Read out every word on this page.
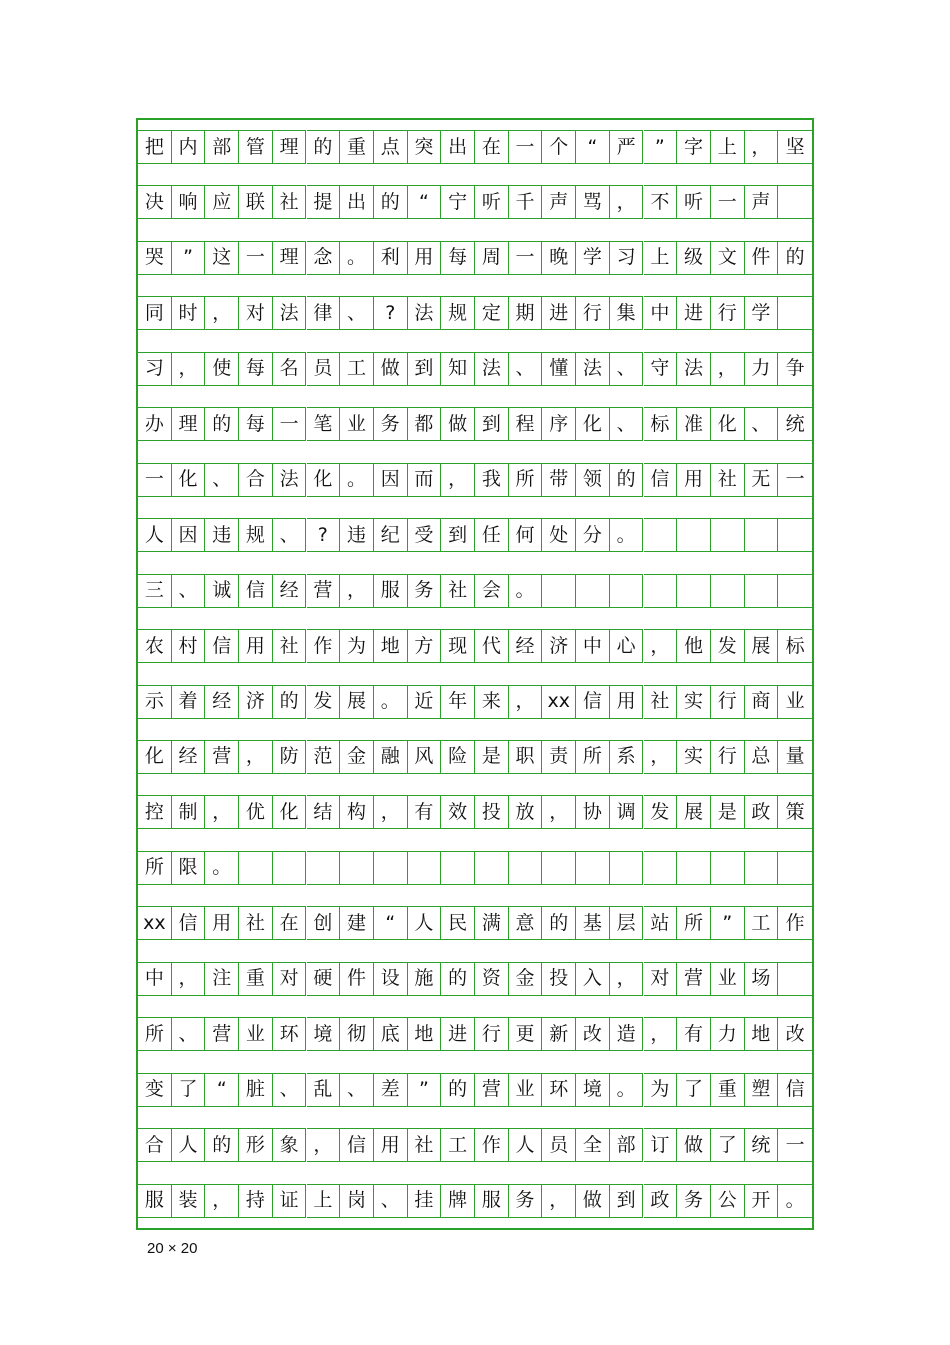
把 内 部 管 理 的 重 点 突 出 在 一 个	“	严	”	字 上 ， 坚
决 响 应 联 社 提 出 的	“	宁 听 千 声 骂 ， 不 听 一 声
哭	”	这 一 理 念 。 利 用 每 周 一 晚 学 习 上 级 文 件 的
同 时 ， 对 法 律 、	?	法 规 定 期 进 行 集 中 进 行 学
习 ， 使 每 名 员 工 做 到 知 法 、 懂 法 、 守 法 ， 力 争
办 理 的 每 一 笔 业 务 都 做 到 程 序 化 、 标 准 化 、 统
一 化 、 合 法 化 。 因 而 ， 我 所 带 领 的 信 用 社 无 一
人 因 违 规 、	?	违 纪 受 到 任 何 处 分 。
三 、 诚 信 经 营 ， 服 务 社 会 。
农 村 信 用 社 作 为 地 方 现 代 经 济 中 心 ， 他 发 展 标
示 着 经 济 的 发 展 。 近 年 来 ， xx 信 用 社 实 行 商 业
化 经 营 ， 防 范 金 融 风 险 是 职 责 所 系 ， 实 行 总 量
控 制 ， 优 化 结 构 ， 有 效 投 放 ， 协 调 发 展 是 政 策
所 限 。
xx 信 用 社 在 创 建	“	人 民 满 意 的 基 层 站 所	”	工 作
中 ， 注 重 对 硬 件 设 施 的 资 金 投 入 ， 对 营 业 场
所 、 营 业 环 境 彻 底 地 进 行 更 新 改 造 ， 有 力 地 改
变 了	“	脏 、 乱 、 差	”	的 营 业 环 境 。 为 了 重 塑 信
合 人 的 形 象 ， 信 用 社 工 作 人 员 全 部 订 做 了 统 一
服 装 ， 持 证 上 岗 、 挂 牌 服 务 ， 做 到 政 务 公 开 。
20 × 20
